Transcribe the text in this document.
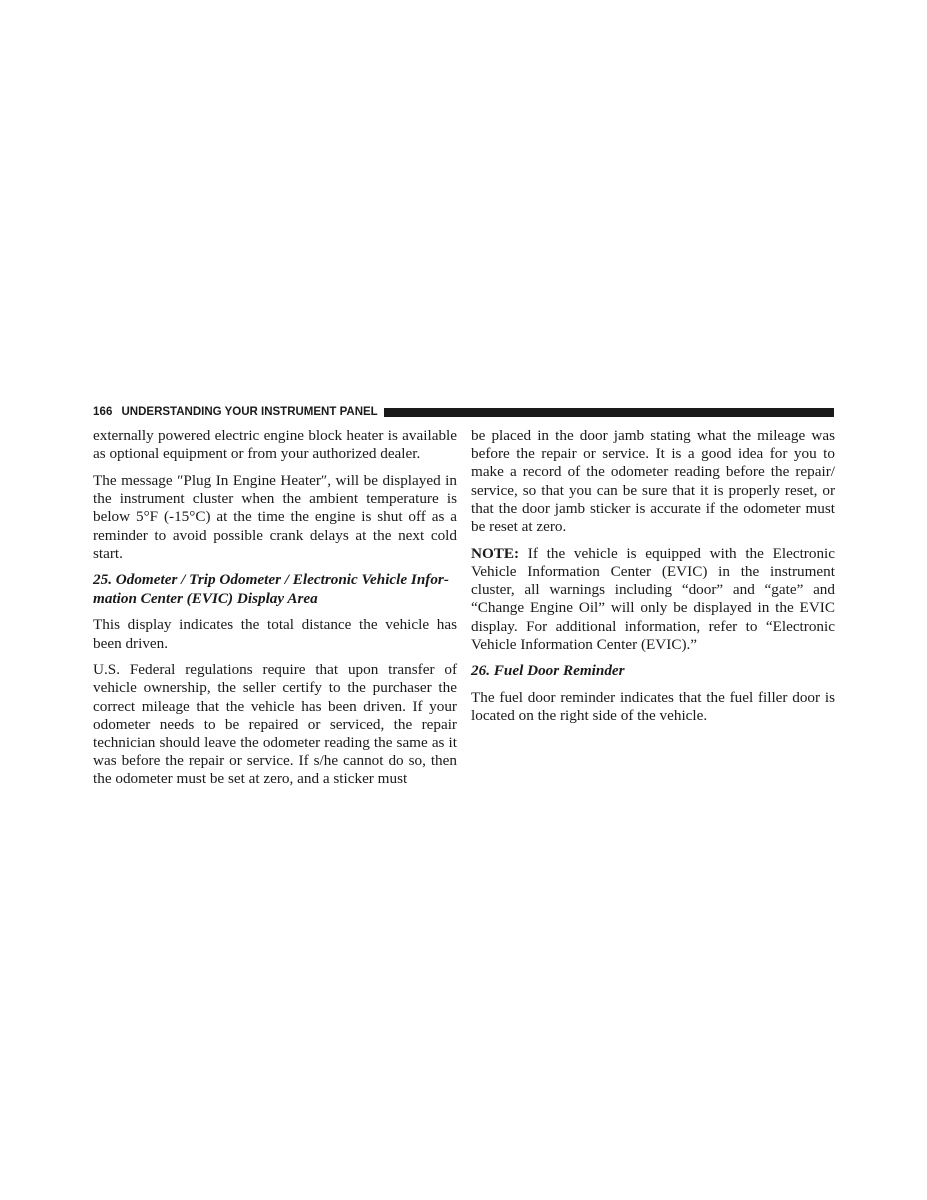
166 UNDERSTANDING YOUR INSTRUMENT PANEL

externally powered electric engine block heater is available as optional equipment or from your authorized dealer.

The message ″Plug In Engine Heater″, will be displayed in the instrument cluster when the ambient temperature is below 5°F (-15°C) at the time the engine is shut off as a reminder to avoid possible crank delays at the next cold start.

25. Odometer / Trip Odometer / Electronic Vehicle Infor-mation Center (EVIC) Display Area

This display indicates the total distance the vehicle has been driven.

U.S. Federal regulations require that upon transfer of vehicle ownership, the seller certify to the purchaser the correct mileage that the vehicle has been driven. If your odometer needs to be repaired or serviced, the repair technician should leave the odometer reading the same as it was before the repair or service. If s/he cannot do so, then the odometer must be set at zero, and a sticker must

be placed in the door jamb stating what the mileage was before the repair or service. It is a good idea for you to make a record of the odometer reading before the repair/ service, so that you can be sure that it is properly reset, or that the door jamb sticker is accurate if the odometer must be reset at zero.

NOTE: If the vehicle is equipped with the Electronic Vehicle Information Center (EVIC) in the instrument cluster, all warnings including “door” and “gate” and “Change Engine Oil” will only be displayed in the EVIC display. For additional information, refer to “Electronic Vehicle Information Center (EVIC).”

26. Fuel Door Reminder

The fuel door reminder indicates that the fuel filler door is located on the right side of the vehicle.
